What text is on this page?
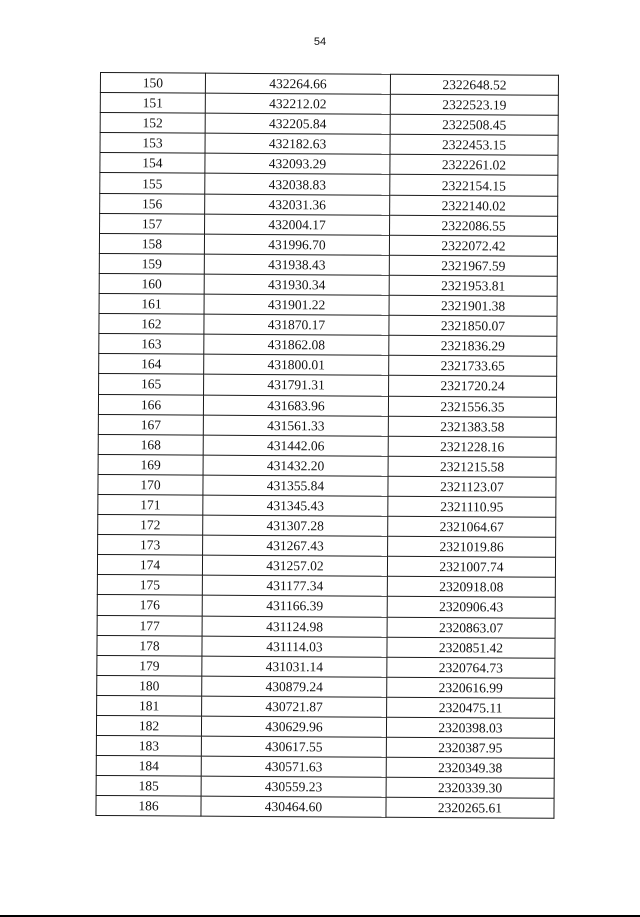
54
150	432264.66	2322648.52
151	432212.02	2322523.19
152	432205.84	2322508.45
153	432182.63	2322453.15
154	432093.29	2322261.02
155	432038.83	2322154.15
156	432031.36	2322140.02
157	432004.17	2322086.55
158	431996.70	2322072.42
159	431938.43	2321967.59
160	431930.34	2321953.81
161	431901.22	2321901.38
162	431870.17	2321850.07
163	431862.08	2321836.29
164	431800.01	2321733.65
165	431791.31	2321720.24
166	431683.96	2321556.35
167	431561.33	2321383.58
168	431442.06	2321228.16
169	431432.20	2321215.58
170	431355.84	2321123.07
171	431345.43	2321110.95
172	431307.28	2321064.67
173	431267.43	2321019.86
174	431257.02	2321007.74
175	431177.34	2320918.08
176	431166.39	2320906.43
177	431124.98	2320863.07
178	431114.03	2320851.42
179	431031.14	2320764.73
180	430879.24	2320616.99
181	430721.87	2320475.11
182	430629.96	2320398.03
183	430617.55	2320387.95
184	430571.63	2320349.38
185	430559.23	2320339.30
186	430464.60	2320265.61
